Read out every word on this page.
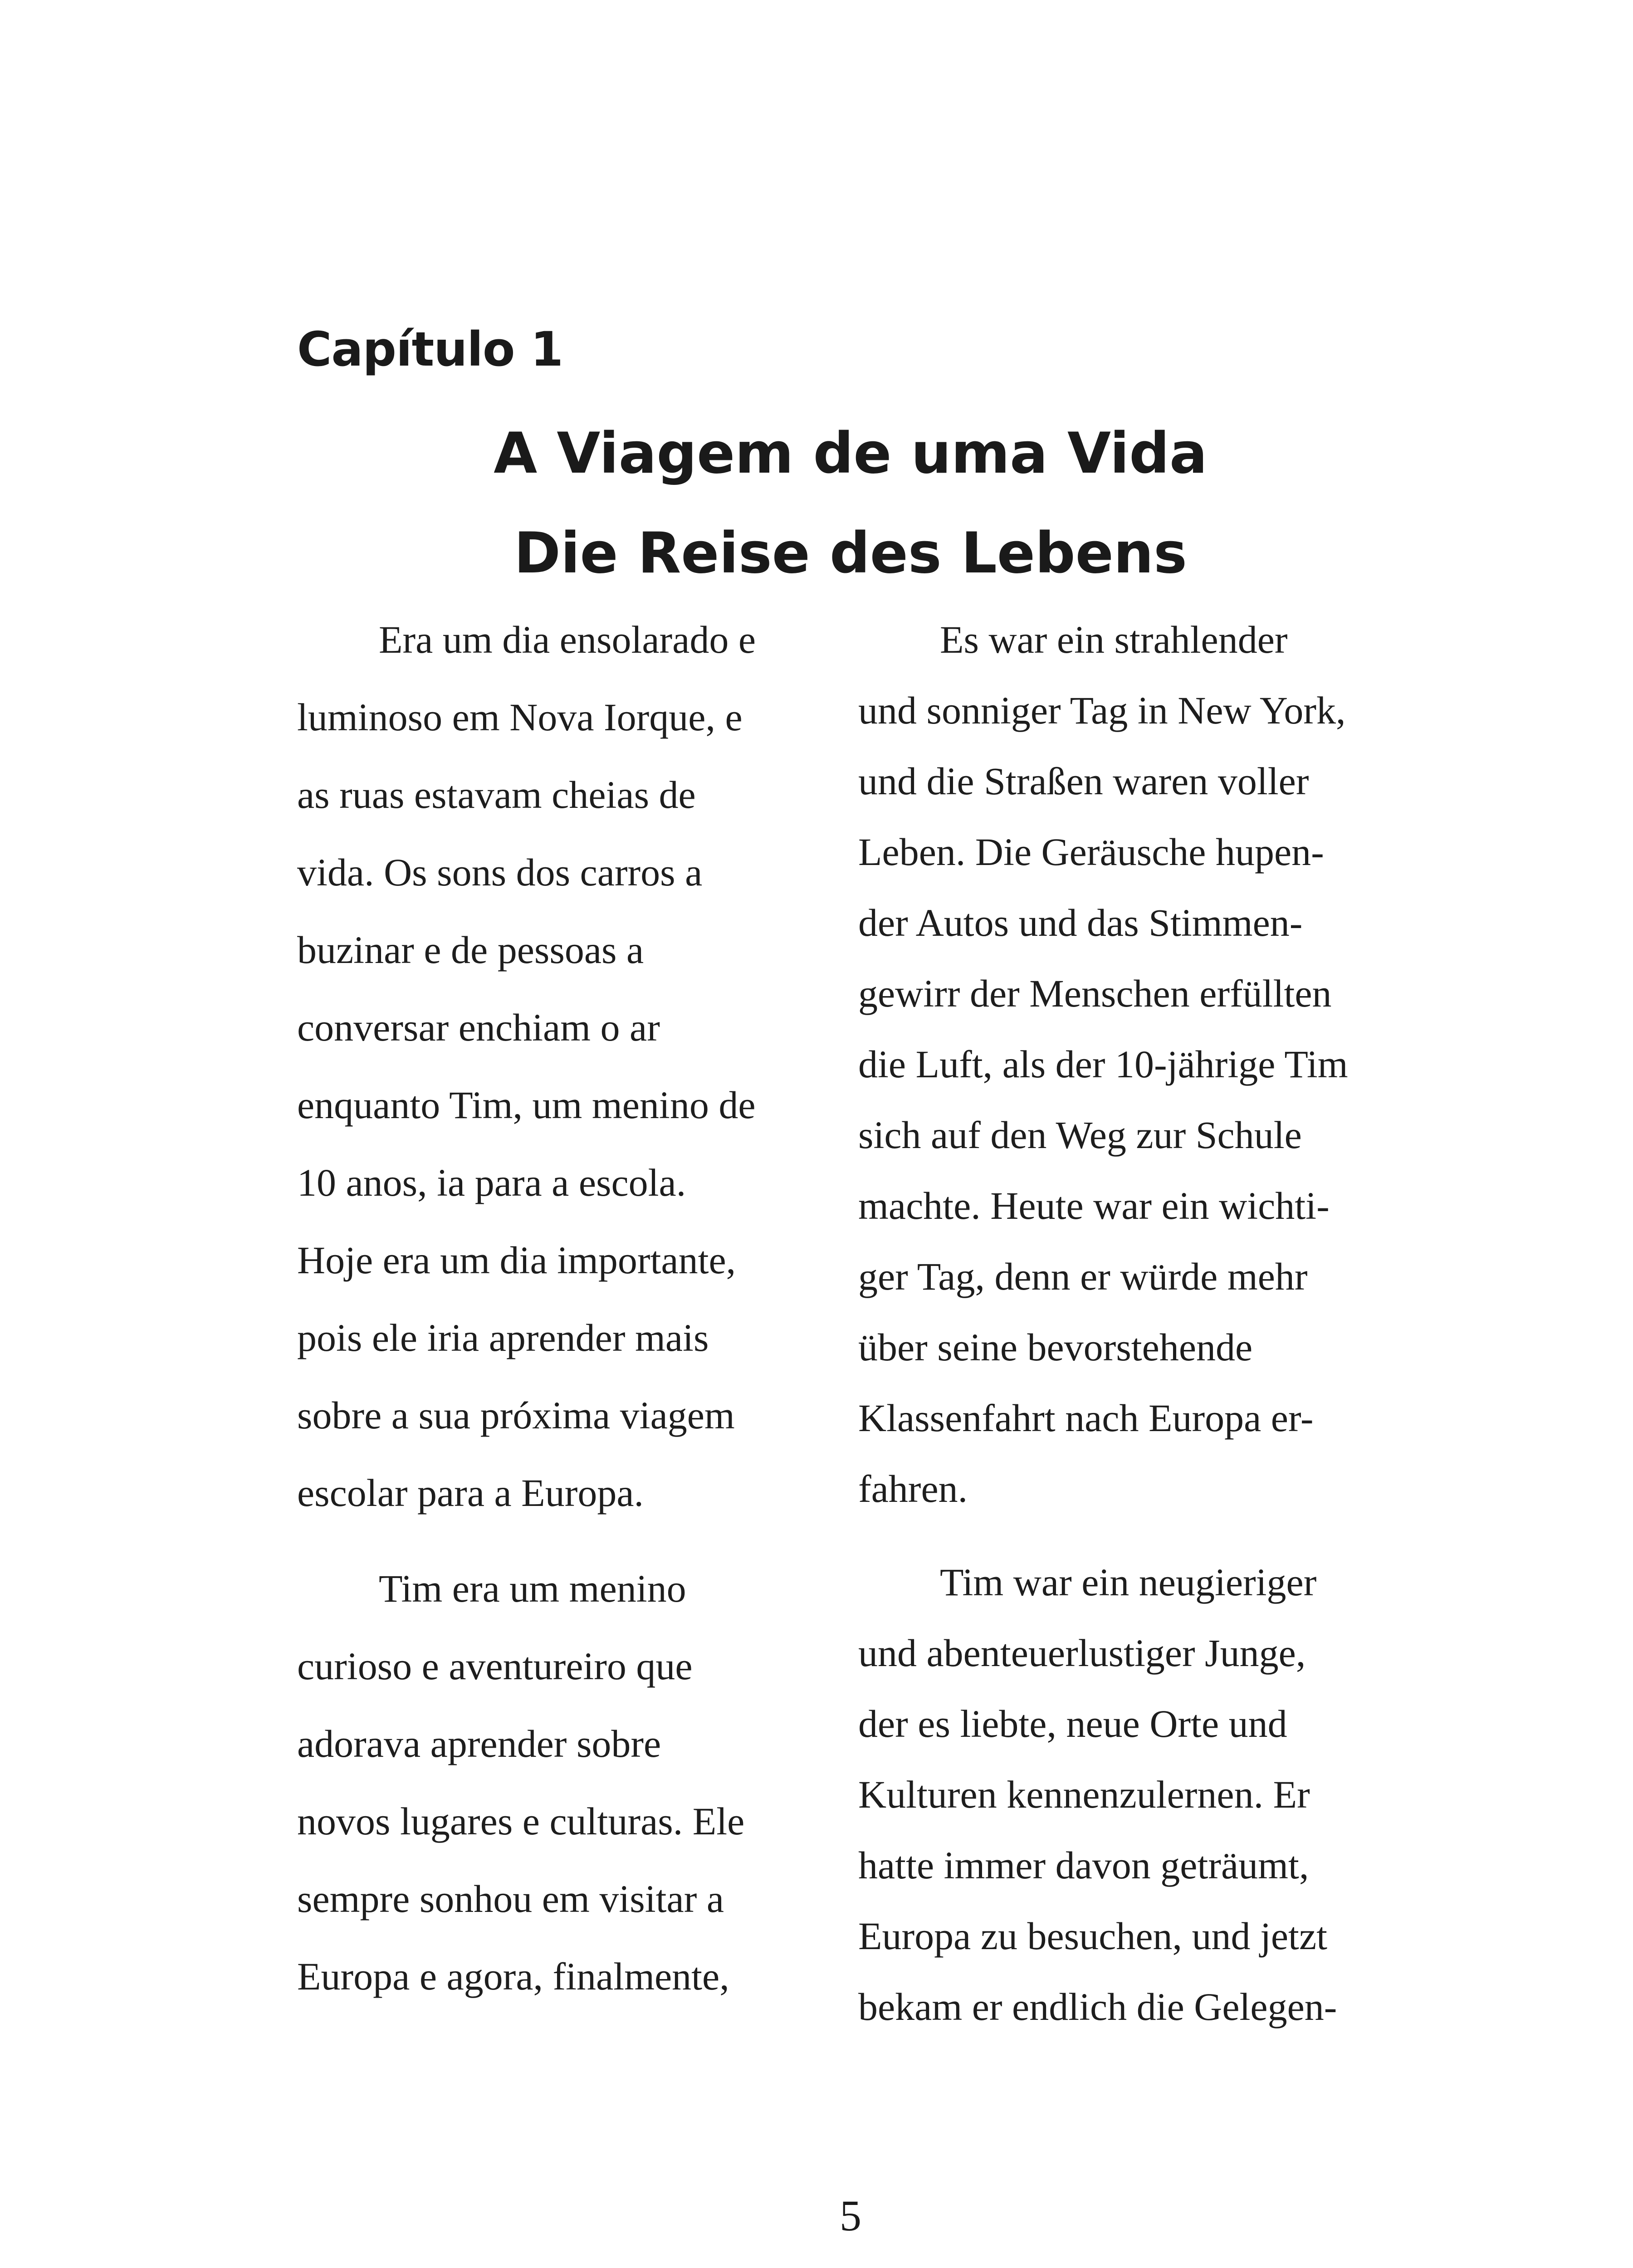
Capítulo 1
A Viagem de uma Vida
Die Reise des Lebens
Era um dia ensolarado e
luminoso em Nova Iorque, e
as ruas estavam cheias de
vida. Os sons dos carros a
buzinar e de pessoas a
conversar enchiam o ar
enquanto Tim, um menino de
10 anos, ia para a escola.
Hoje era um dia importante,
pois ele iria aprender mais
sobre a sua próxima viagem
escolar para a Europa.
Tim era um menino
curioso e aventureiro que
adorava aprender sobre
novos lugares e culturas. Ele
sempre sonhou em visitar a
Europa e agora, finalmente,
Es war ein strahlender
und sonniger Tag in New York,
und die Straßen waren voller
Leben. Die Geräusche hupen-
der Autos und das Stimmen-
gewirr der Menschen erfüllten
die Luft, als der 10-jährige Tim
sich auf den Weg zur Schule
machte. Heute war ein wichti-
ger Tag, denn er würde mehr
über seine bevorstehende
Klassenfahrt nach Europa er-
fahren.
Tim war ein neugieriger
und abenteuerlustiger Junge,
der es liebte, neue Orte und
Kulturen kennenzulernen. Er
hatte immer davon geträumt,
Europa zu besuchen, und jetzt
bekam er endlich die Gelegen-
5
